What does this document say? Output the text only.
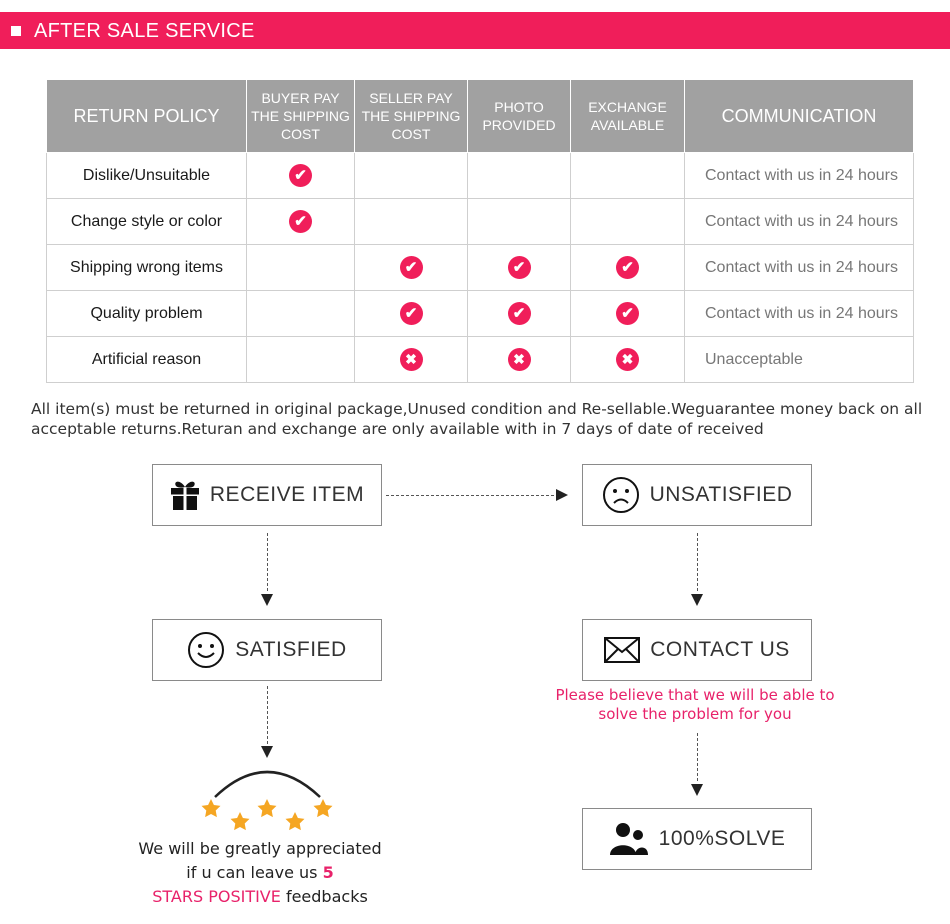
AFTER SALE SERVICE
RETURN POLICY	BUYER PAY THE SHIPPING COST	SELLER PAY THE SHIPPING COST	PHOTO PROVIDED	EXCHANGE AVAILABLE	COMMUNICATION
Dislike/Unsuitable	✔				Contact with us in 24 hours
Change style or color	✔				Contact with us in 24 hours
Shipping wrong items		✔	✔	✔	Contact with us in 24 hours
Quality problem		✔	✔	✔	Contact with us in 24 hours
Artificial reason		✖	✖	✖	Unacceptable
All item(s) must be returned in original package,Unused condition and Re-sellable.Weguarantee money back on all acceptable returns.Returan and exchange are only available with in 7 days of date of received
RECEIVE ITEM	UNSATISFIED
SATISFIED	CONTACT US
Please believe that we will be able to solve the problem for you
100%SOLVE
We will be greatly appreciated
if u can leave us 5
STARS POSITIVE feedbacks
